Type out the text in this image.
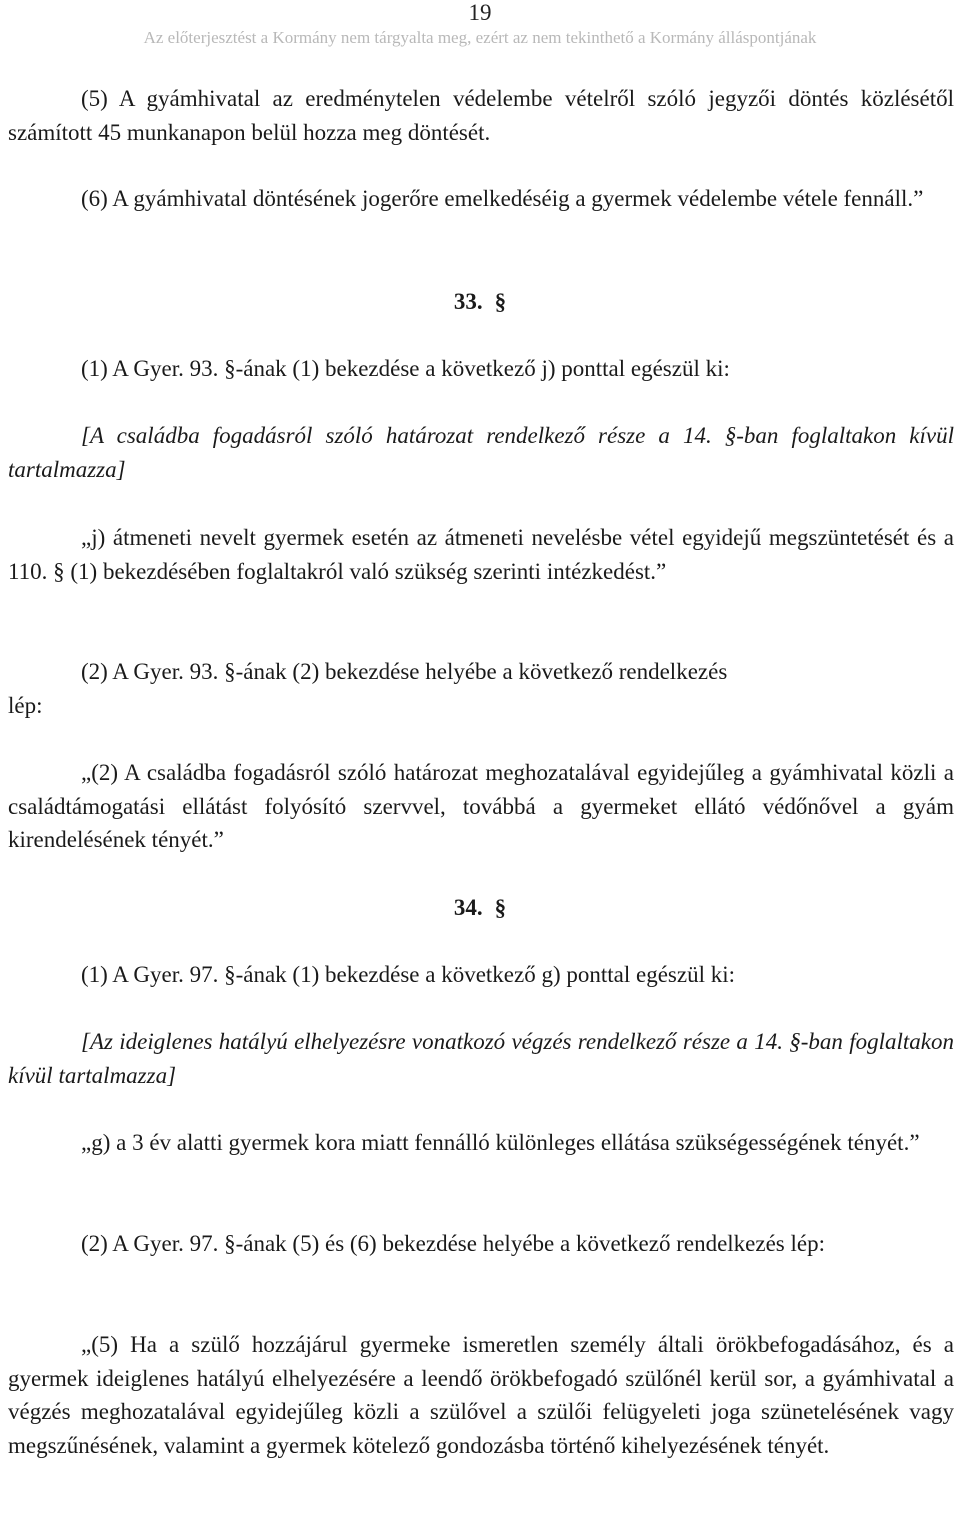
19
Az előterjesztést a Kormány nem tárgyalta meg, ezért az nem tekinthető a Kormány álláspontjának

(5) A gyámhivatal az eredménytelen védelembe vételről szóló jegyzői döntés közlésétől számított 45 munkanapon belül hozza meg döntését.

(6) A gyámhivatal döntésének jogerőre emelkedéséig a gyermek védelembe vétele fennáll.”

33. §

(1) A Gyer. 93. §-ának (1) bekezdése a következő j) ponttal egészül ki:

[A családba fogadásról szóló határozat rendelkező része a 14. §-ban foglaltakon kívül tartalmazza]

„j) átmeneti nevelt gyermek esetén az átmeneti nevelésbe vétel egyidejű megszüntetését és a 110. § (1) bekezdésében foglaltakról való szükség szerinti intézkedést.”

(2) A Gyer. 93. §-ának (2) bekezdése helyébe a következő rendelkezés

lép:

„(2) A családba fogadásról szóló határozat meghozatalával egyidejűleg a gyámhivatal közli a családtámogatási ellátást folyósító szervvel, továbbá a gyermeket ellátó védőnővel a gyám kirendelésének tényét.”

34. §

(1) A Gyer. 97. §-ának (1) bekezdése a következő g) ponttal egészül ki:

[Az ideiglenes hatályú elhelyezésre vonatkozó végzés rendelkező része a 14. §-ban foglaltakon kívül tartalmazza]

„g) a 3 év alatti gyermek kora miatt fennálló különleges ellátása szükségességének tényét.”

(2) A Gyer. 97. §-ának (5) és (6) bekezdése helyébe a következő rendelkezés lép:

„(5) Ha a szülő hozzájárul gyermeke ismeretlen személy általi örökbefogadásához, és a gyermek ideiglenes hatályú elhelyezésére a leendő örökbefogadó szülőnél kerül sor, a gyámhivatal a végzés meghozatalával egyidejűleg közli a szülővel a szülői felügyeleti joga szünetelésének vagy megszűnésének, valamint a gyermek kötelező gondozásba történő kihelyezésének tényét.
